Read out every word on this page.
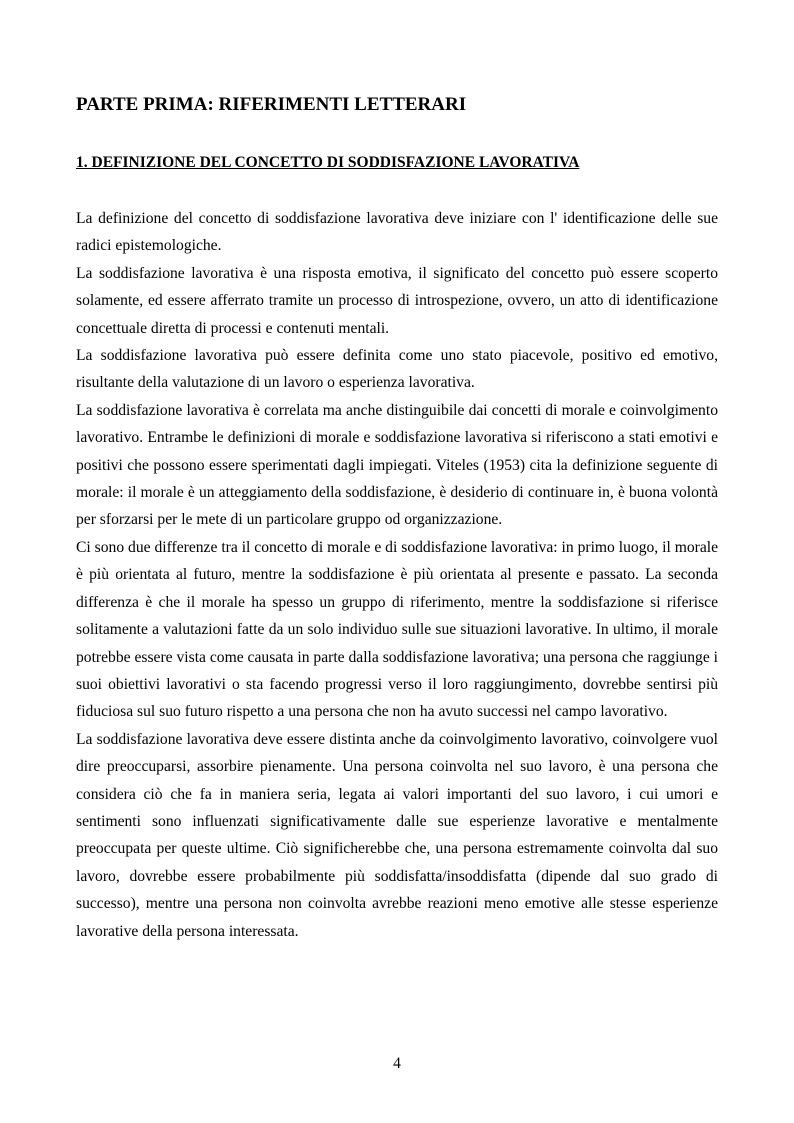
PARTE PRIMA: RIFERIMENTI LETTERARI
1. DEFINIZIONE DEL CONCETTO DI SODDISFAZIONE LAVORATIVA

La definizione del concetto di soddisfazione lavorativa deve iniziare con l' identificazione delle sue radici epistemologiche.

La soddisfazione lavorativa è una risposta emotiva, il significato del concetto può essere scoperto solamente, ed essere afferrato tramite un processo di introspezione, ovvero, un atto di identificazione concettuale diretta di processi e contenuti mentali.

La soddisfazione lavorativa può essere definita come uno stato piacevole, positivo ed emotivo, risultante della valutazione di un lavoro o esperienza lavorativa.

La soddisfazione lavorativa è correlata ma anche distinguibile dai concetti di morale e coinvolgimento lavorativo. Entrambe le definizioni di morale e soddisfazione lavorativa si riferiscono a stati emotivi e positivi che possono essere sperimentati dagli impiegati. Viteles (1953) cita la definizione seguente di morale: il morale è un atteggiamento della soddisfazione, è desiderio di continuare in, è buona volontà per sforzarsi per le mete di un particolare gruppo od organizzazione.

Ci sono due differenze tra il concetto di morale e di soddisfazione lavorativa: in primo luogo, il morale è più orientata al futuro, mentre la soddisfazione è più orientata al presente e passato. La seconda differenza è che il morale ha spesso un gruppo di riferimento, mentre la soddisfazione si riferisce solitamente a valutazioni fatte da un solo individuo sulle sue situazioni lavorative. In ultimo, il morale potrebbe essere vista come causata in parte dalla soddisfazione lavorativa; una persona che raggiunge i suoi obiettivi lavorativi o sta facendo progressi verso il loro raggiungimento, dovrebbe sentirsi più fiduciosa sul suo futuro rispetto a una persona che non ha avuto successi nel campo lavorativo.

La soddisfazione lavorativa deve essere distinta anche da coinvolgimento lavorativo, coinvolgere vuol dire preoccuparsi, assorbire pienamente. Una persona coinvolta nel suo lavoro, è una persona che considera ciò che fa in maniera seria, legata ai valori importanti del suo lavoro, i cui umori e sentimenti sono influenzati significativamente dalle sue esperienze lavorative e mentalmente preoccupata per queste ultime. Ciò significherebbe che, una persona estremamente coinvolta dal suo lavoro, dovrebbe essere probabilmente più soddisfatta/insoddisfatta (dipende dal suo grado di successo), mentre una persona non coinvolta avrebbe reazioni meno emotive alle stesse esperienze lavorative della persona interessata.

4
